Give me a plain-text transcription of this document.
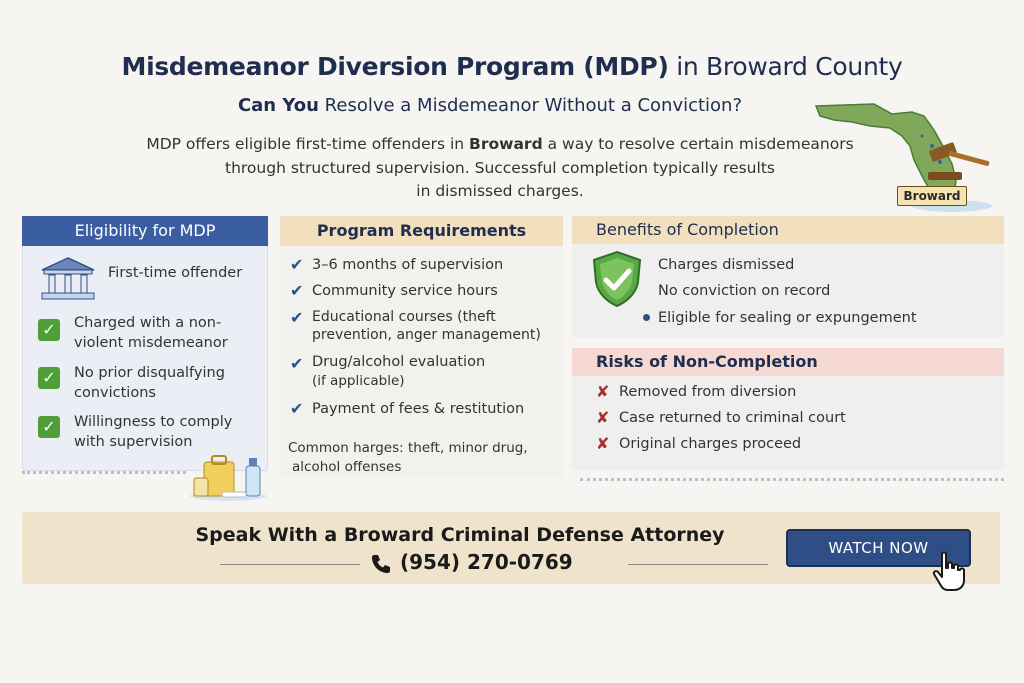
Misdemeanor Diversion Program (MDP) in Broward County
Can You Resolve a Misdemeanor Without a Conviction?
MDP offers eligible first-time offenders in Broward a way to resolve certain misdemeanors
through structured supervision. Successful completion typically results
in dismissed charges.	Broward
Eligibility for MDP
First-time offender
✓ Charged with a non-
violent misdemeanor
✓ No prior disqualfying
convictions
✓ Willingness to comply
with supervision
Program Requirements
✔ 3–6 months of supervision
✔ Community service hours
✔ Educational courses (theft
prevention, anger management)
✔ Drug/alcohol evaluation
(if applicable)
✔ Payment of fees & restitution
Common harges: theft, minor drug,
alcohol offenses
Benefits of Completion
Charges dismissed
No conviction on record
Eligible for sealing or expungement
Risks of Non-Completion
✘ Removed from diversion
✘ Case returned to criminal court
✘ Original charges proceed
Speak With a Broward Criminal Defense Attorney
(954) 270-0769
WATCH NOW
